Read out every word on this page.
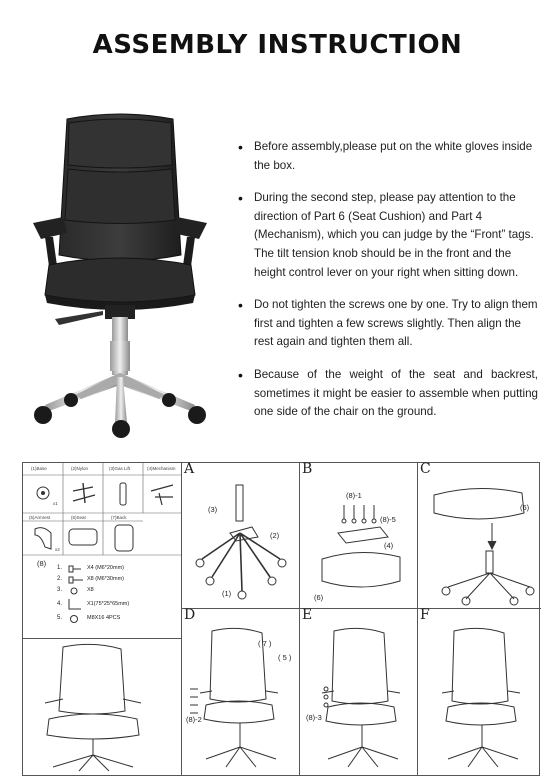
ASSEMBLY INSTRUCTION
• Before assembly,please put on the white gloves inside the box.
• During the second step, please pay attention to the direction of Part 6 (Seat Cushion) and Part 4 (Mechanism), which you can judge by the “Front” tags. The tilt tension knob should be in the front and the height control lever on your right when sitting down.
• Do not tighten the screws one by one. Try to align them first and tighten a few screws slightly. Then align the rest again and tighten them all.
• Because of the weight of the seat and backrest, sometimes it might be easier to assemble when putting one side of the chair on the ground.
(1)Base	(2)Nylon	(3)Gas Lift	(4)Mechanism
x1
(5)Armrest	(6)Seat	(7)Back
x2
(8) 1.	X4 (M6*20mm)
2.	X8 (M6*30mm)
3.	X8
4.	X1(75*25*65mm)
5.	M8X16 4PCS
A
(3)
(2)
(1)
B
(8)-1
(8)-5
(4)
(6)
C
(6)
D
( 7 )
( 5 )
(8)-2
E
(8)-3
F
